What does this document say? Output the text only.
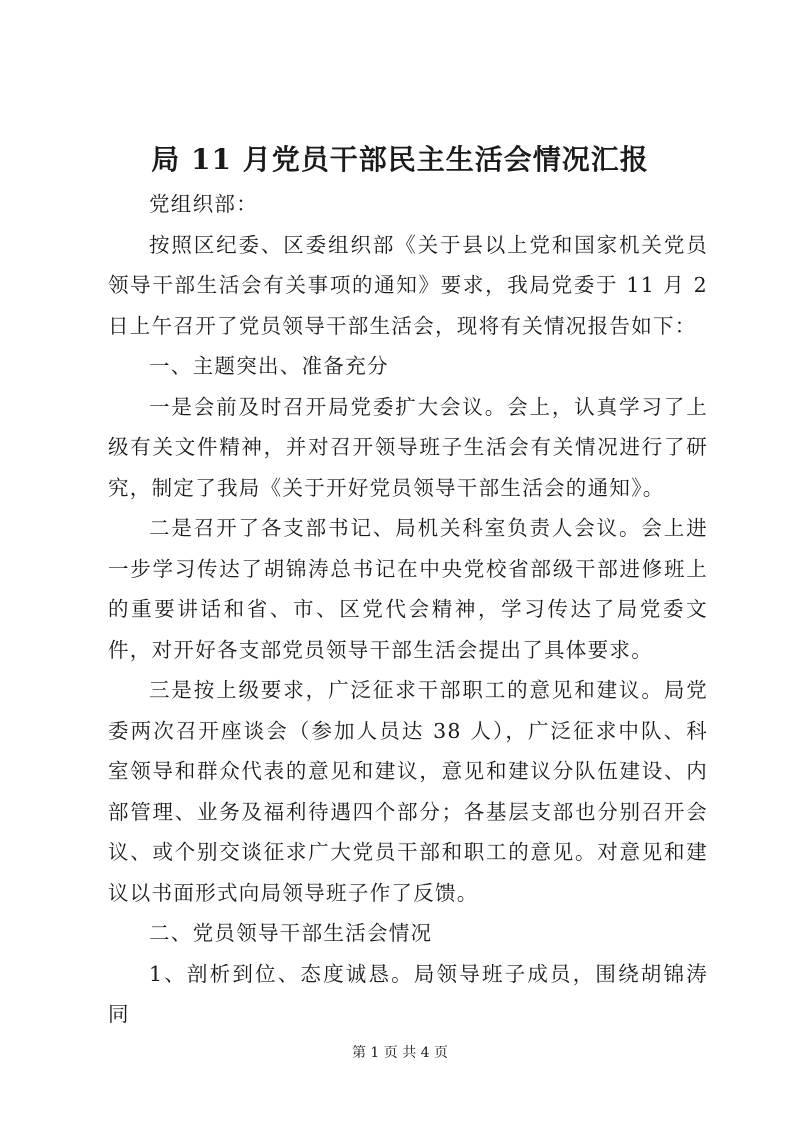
局 11 月党员干部民主生活会情况汇报

党组织部：

按照区纪委、区委组织部《关于县以上党和国家机关党员领导干部生活会有关事项的通知》要求，我局党委于 11 月 2 日上午召开了党员领导干部生活会，现将有关情况报告如下：

一、主题突出、准备充分

一是会前及时召开局党委扩大会议。会上，认真学习了上级有关文件精神，并对召开领导班子生活会有关情况进行了研究，制定了我局《关于开好党员领导干部生活会的通知》。

二是召开了各支部书记、局机关科室负责人会议。会上进一步学习传达了胡锦涛总书记在中央党校省部级干部进修班上的重要讲话和省、市、区党代会精神，学习传达了局党委文件，对开好各支部党员领导干部生活会提出了具体要求。

三是按上级要求，广泛征求干部职工的意见和建议。局党委两次召开座谈会（参加人员达 38 人），广泛征求中队、科室领导和群众代表的意见和建议，意见和建议分队伍建设、内部管理、业务及福利待遇四个部分；各基层支部也分别召开会议、或个别交谈征求广大党员干部和职工的意见。对意见和建议以书面形式向局领导班子作了反馈。

二、党员领导干部生活会情况

1、剖析到位、态度诚恳。局领导班子成员，围绕胡锦涛同

第 1 页 共 4 页
